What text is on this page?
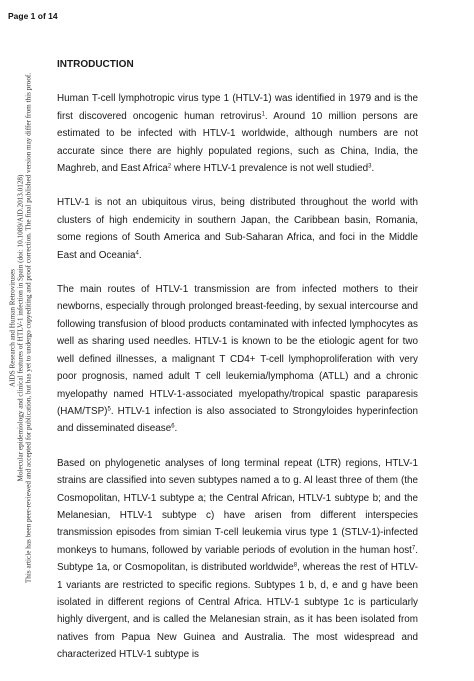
Page 1 of 14
AIDS Research and Human Retroviruses Molecular epidemiology and clinical features of HTLV-1 infection in Spain (doi: 10.1089/AID.2013.0128) This article has been peer-reviewed and accepted for publication, but has yet to undergo copyediting and proof correction. The final published version may differ from this proof.
INTRODUCTION
Human T-cell lymphotropic virus type 1 (HTLV-1) was identified in 1979 and is the first discovered oncogenic human retrovirus$^1$. Around 10 million persons are estimated to be infected with HTLV-1 worldwide, although numbers are not accurate since there are highly populated regions, such as China, India, the Maghreb, and East Africa$^2$ where HTLV-1 prevalence is not well studied$^3$.
HTLV-1 is not an ubiquitous virus, being distributed throughout the world with clusters of high endemicity in southern Japan, the Caribbean basin, Romania, some regions of South America and Sub-Saharan Africa, and foci in the Middle East and Oceania$^4$.
The main routes of HTLV-1 transmission are from infected mothers to their newborns, especially through prolonged breast-feeding, by sexual intercourse and following transfusion of blood products contaminated with infected lymphocytes as well as sharing used needles. HTLV-1 is known to be the etiologic agent for two well defined illnesses, a malignant T CD4+ T-cell lymphoproliferation with very poor prognosis, named adult T cell leukemia/lymphoma (ATLL) and a chronic myelopathy named HTLV-1-associated myelopathy/tropical spastic paraparesis $(HAM/TSP)^5$. HTLV-1 infection is also associated to Strongyloides hyperinfection and disseminated disease$^6$.
Based on phylogenetic analyses of long terminal repeat (LTR) regions, HTLV-1 strains are classified into seven subtypes named a to g. Al least three of them (the Cosmopolitan, HTLV-1 subtype a; the Central African, HTLV-1 subtype b; and the Melanesian, HTLV-1 subtype c) have arisen from different interspecies transmission episodes from simian T-cell leukemia virus type 1 (STLV-1)-infected monkeys to humans, followed by variable periods of evolution in the human host$^7$. Subtype 1a, or Cosmopolitan, is distributed worldwide$^8$, whereas the rest of HTLV-1 variants are restricted to specific regions. Subtypes 1 b, d, e and g have been isolated in different regions of Central Africa. HTLV-1 subtype 1c is particularly highly divergent, and is called the Melanesian strain, as it has been isolated from natives from Papua New Guinea and Australia. The most widespread and characterized HTLV-1 subtype is
